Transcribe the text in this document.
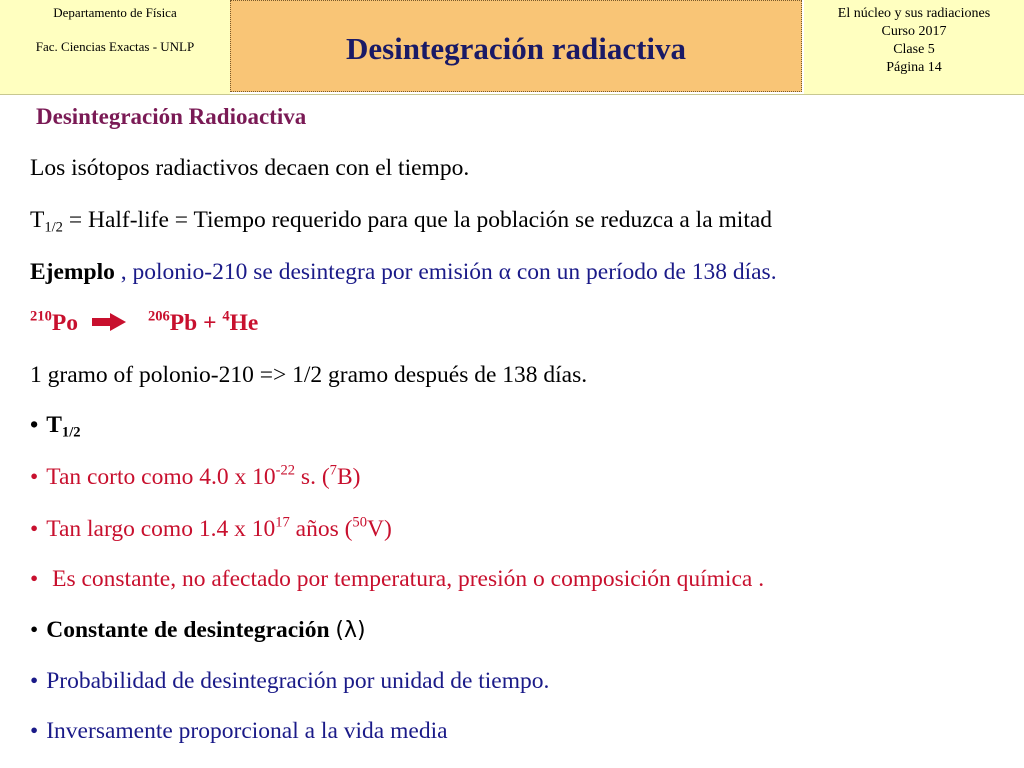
Departamento de Física
Fac. Ciencias Exactas - UNLP	Desintegración radiactiva
El núcleo y sus radiaciones
Curso 2017
Clase 5
Página 14
Desintegración Radioactiva
Los isótopos radiactivos decaen con el tiempo.
$T_{1/2}$ = Half-life = Tiempo requerido para que la población se reduzca a la mitad
Ejemplo , polonio-210 se desintegra por emisión α con un período de 138 días.
$^{210}$Po	$^{206}$Pb + $^4$He
1 gramo of polonio-210 => 1/2 gramo después de 138 días.
• $T_{1/2}$
• Tan corto como 4.0 x $10^{-22}$ s. ($^7$B)
• Tan largo como 1.4 x $10^{17}$ años ($^{50}$V)
• Es constante, no afectado por temperatura, presión o composición química .
• Constante de desintegración (λ)
• Probabilidad de desintegración por unidad de tiempo.
• Inversamente proporcional a la vida media
